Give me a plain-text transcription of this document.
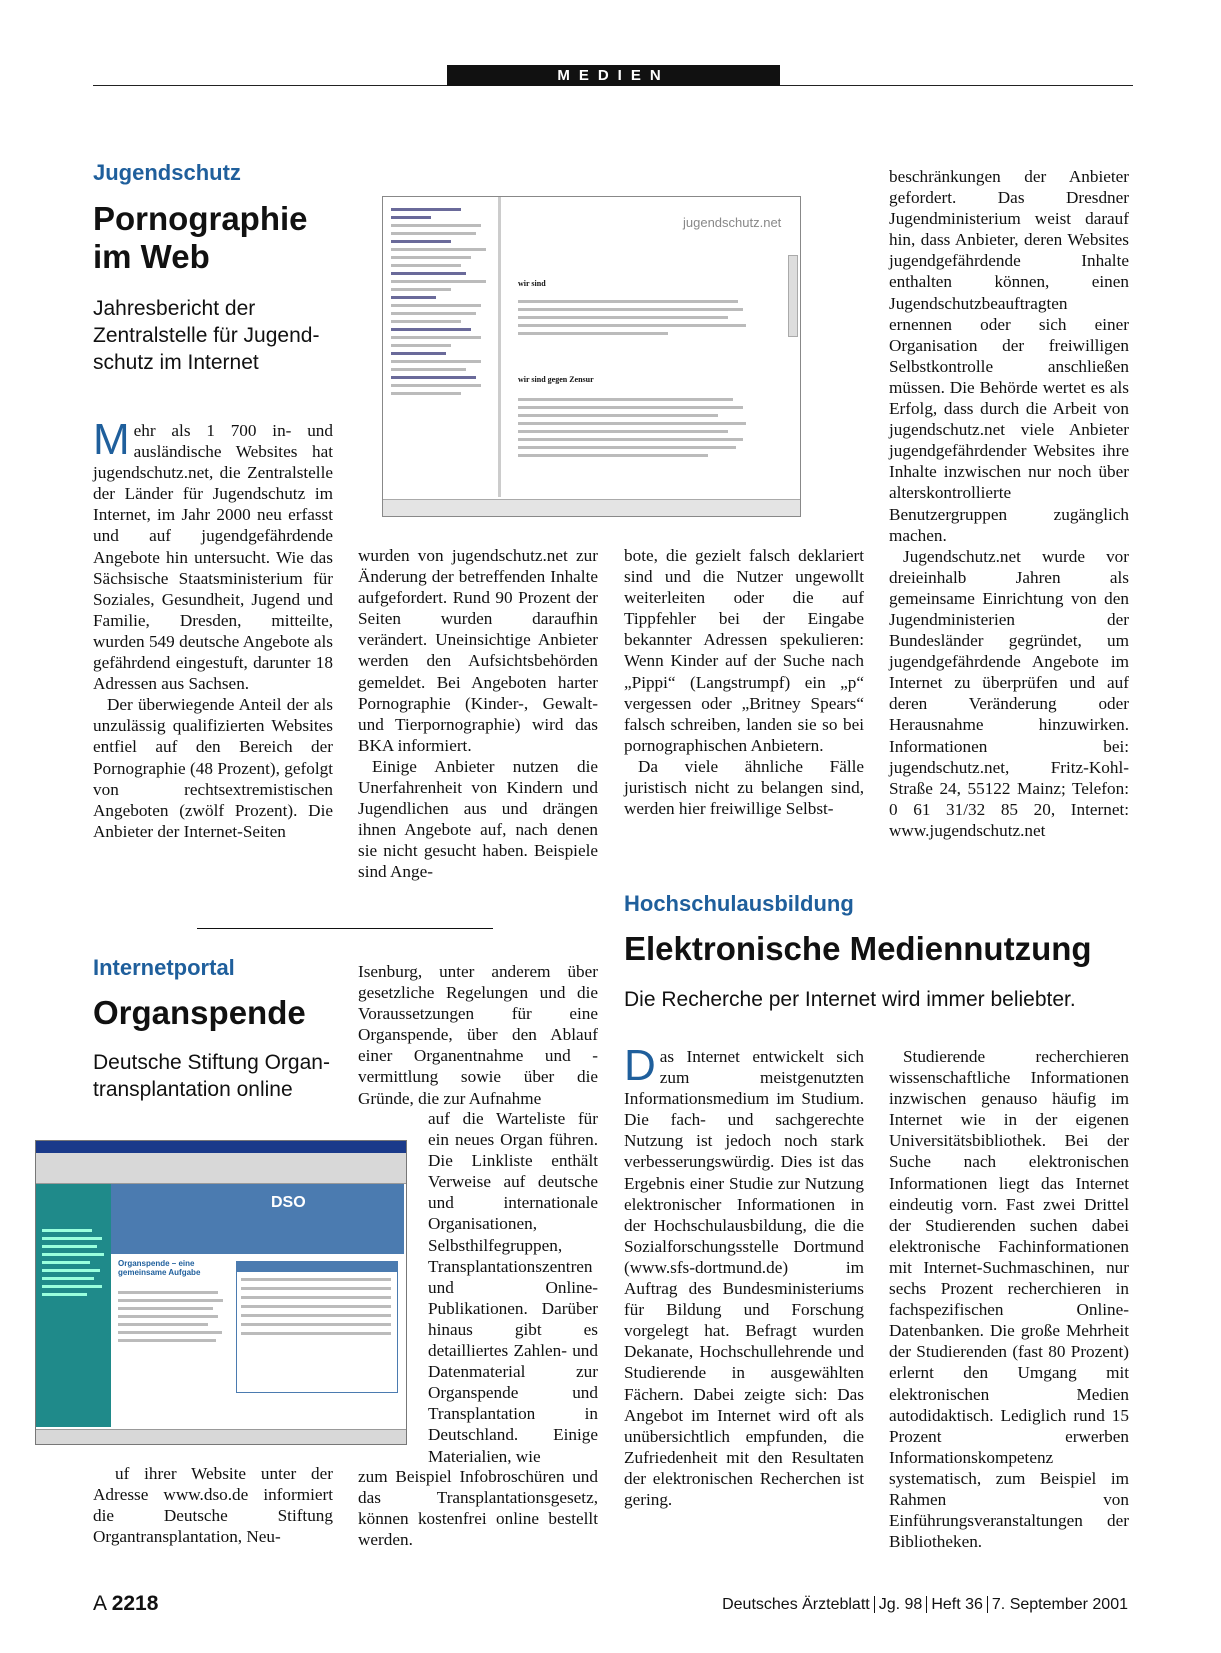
MEDIEN
Jugendschutz
Pornographie
im Web
Jahresbericht der
Zentralstelle für Jugend-
schutz im Internet
jugendschutz.net
wir sind
wir sind gegen Zensur

Mehr als 1 700 in- und ausländische Websites hat jugendschutz.net, die Zentralstelle der Länder für Jugendschutz im Internet, im Jahr 2000 neu erfasst und auf jugendgefährdende Angebote hin untersucht. Wie das Sächsische Staatsministerium für Soziales, Gesundheit, Jugend und Familie, Dresden, mitteilte, wurden 549 deutsche Angebote als gefährdend eingestuft, darunter 18 Adressen aus Sachsen.

Der überwiegende Anteil der als unzulässig qualifizierten Websites entfiel auf den Bereich der Pornographie (48 Prozent), gefolgt von rechtsextremistischen Angeboten (zwölf Prozent). Die Anbieter der Internet-Seiten

wurden von jugendschutz.net zur Änderung der betreffenden Inhalte aufgefordert. Rund 90 Prozent der Seiten wurden daraufhin verändert. Uneinsichtige Anbieter werden den Aufsichtsbehörden gemeldet. Bei Angeboten harter Pornographie (Kinder-, Gewalt- und Tierpornographie) wird das BKA informiert.

Einige Anbieter nutzen die Unerfahrenheit von Kindern und Jugendlichen aus und drängen ihnen Angebote auf, nach denen sie nicht gesucht haben. Beispiele sind Ange-

bote, die gezielt falsch deklariert sind und die Nutzer ungewollt weiterleiten oder die auf Tippfehler bei der Eingabe bekannter Adressen spekulieren: Wenn Kinder auf der Suche nach „Pippi“ (Langstrumpf) ein „p“ vergessen oder „Britney Spears“ falsch schreiben, landen sie so bei pornographischen Anbietern.

Da viele ähnliche Fälle juristisch nicht zu belangen sind, werden hier freiwillige Selbst-

beschränkungen der Anbieter gefordert. Das Dresdner Jugendministerium weist darauf hin, dass Anbieter, deren Websites jugendgefährdende Inhalte enthalten können, einen Jugendschutzbeauftragten ernennen oder sich einer Organisation der freiwilligen Selbstkontrolle anschließen müssen. Die Behörde wertet es als Erfolg, dass durch die Arbeit von jugendschutz.net viele Anbieter jugendgefährdender Websites ihre Inhalte inzwischen nur noch über alterskontrollierte Benutzergruppen zugänglich machen.

Jugendschutz.net wurde vor dreieinhalb Jahren als gemeinsame Einrichtung von den Jugendministerien der Bundesländer gegründet, um jugendgefährdende Angebote im Internet zu überprüfen und auf deren Veränderung oder Herausnahme hinzuwirken. Informationen bei: jugendschutz.net, Fritz-Kohl-Straße 24, 55122 Mainz; Telefon: 0 61 31/32 85 20, Internet: www.jugendschutz.net

Internetportal
Organspende
Deutsche Stiftung Organ-
transplantation online
DSO
Organspende – eine gemeinsame Aufgabe
uf ihrer Website unter der Adresse www.dso.de informiert die Deutsche Stiftung Organtransplantation, Neu-
Isenburg, unter anderem über gesetzliche Regelungen und die Voraussetzungen für eine Organspende, über den Ablauf einer Organentnahme und -vermittlung sowie über die Gründe, die zur Aufnahme
auf die Warteliste für ein neues Organ führen. Die Linkliste enthält Verweise auf deutsche und internationale Organisationen, Selbsthilfegruppen, Transplantationszentren und Online-Publikationen. Darüber hinaus gibt es detailliertes Zahlen- und Datenmaterial zur Organspende und Transplantation in Deutschland. Einige Materialien, wie
zum Beispiel Infobroschüren und das Transplantationsgesetz, können kostenfrei online bestellt werden.
Hochschulausbildung
Elektronische Mediennutzung
Die Recherche per Internet wird immer beliebter.

Das Internet entwickelt sich zum meistgenutzten Informationsmedium im Studium. Die fach- und sachgerechte Nutzung ist jedoch noch stark verbesserungswürdig. Dies ist das Ergebnis einer Studie zur Nutzung elektronischer Informationen in der Hochschulausbildung, die die Sozialforschungsstelle Dortmund (www.sfs-dortmund.de) im Auftrag des Bundesministeriums für Bildung und Forschung vorgelegt hat. Befragt wurden Dekanate, Hochschullehrende und Studierende in ausgewählten Fächern. Dabei zeigte sich: Das Angebot im Internet wird oft als unübersichtlich empfunden, die Zufriedenheit mit den Resultaten der elektronischen Recherchen ist gering.

Studierende recherchieren wissenschaftliche Informationen inzwischen genauso häufig im Internet wie in der eigenen Universitätsbibliothek. Bei der Suche nach elektronischen Informationen liegt das Internet eindeutig vorn. Fast zwei Drittel der Studierenden suchen dabei elektronische Fachinformationen mit Internet-Suchmaschinen, nur sechs Prozent recherchieren in fachspezifischen Online-Datenbanken. Die große Mehrheit der Studierenden (fast 80 Prozent) erlernt den Umgang mit elektronischen Medien autodidaktisch. Lediglich rund 15 Prozent erwerben Informationskompetenz systematisch, zum Beispiel im Rahmen von Einführungsveranstaltungen der Bibliotheken.

A 2218	Deutsches Ärzteblatt Jg. 98 Heft 36 7. September 2001
